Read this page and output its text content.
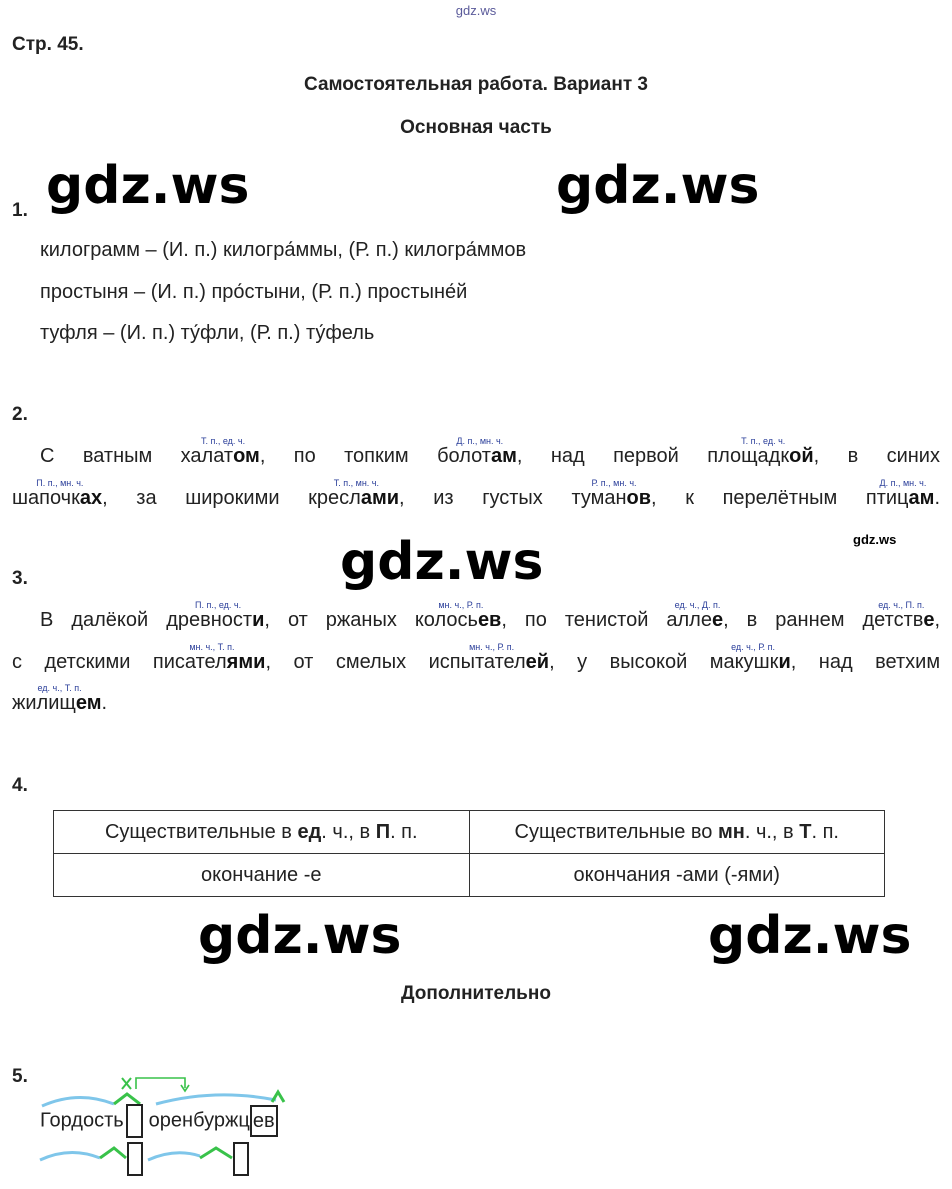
gdz.ws
Стр. 45.
Самостоятельная работа. Вариант 3
Основная часть
gdz.ws	gdz.ws
gdz.ws	gdz.ws
gdz.ws	gdz.ws
1.
килограмм – (И. п.) килогра́ммы, (Р. п.) килогра́ммов
простыня – (И. п.) про́стыни, (Р. п.) простыне́й
туфля – (И. п.) ту́фли, (Р. п.) ту́фель
2.
С ватным халатом,
Т. п., ед. ч.
по топким болотам,
Д. п., мн. ч.
над первой площадкой,
Т. п., ед. ч.
в синих
шапочках,
П. п., мн. ч.
за широкими креслами,
Т. п., мн. ч.
из густых туманов,
Р. п., мн. ч.
к перелётным птицам.
Д. п., мн. ч.
3.
В далёкой древности,
П. п., ед. ч.
от ржаных колосьев,
мн. ч., Р. п.
по тенистой аллее,
ед. ч., Д. п.
в раннем детстве,
ед. ч., П. п.
с детскими писателями,
мн. ч., Т. п.
от смелых испытателей,
мн. ч., Р. п.
у высокой макушки,
ед. ч., Р. п.
над ветхим
жилищем.
ед. ч., Т. п.
4.
Существительные в ед. ч., в П. п.	Существительные во мн. ч., в Т. п.
окончание -е	окончания -ами (-ями)
Дополнительно
5.
Гордость оренбуржц ев
